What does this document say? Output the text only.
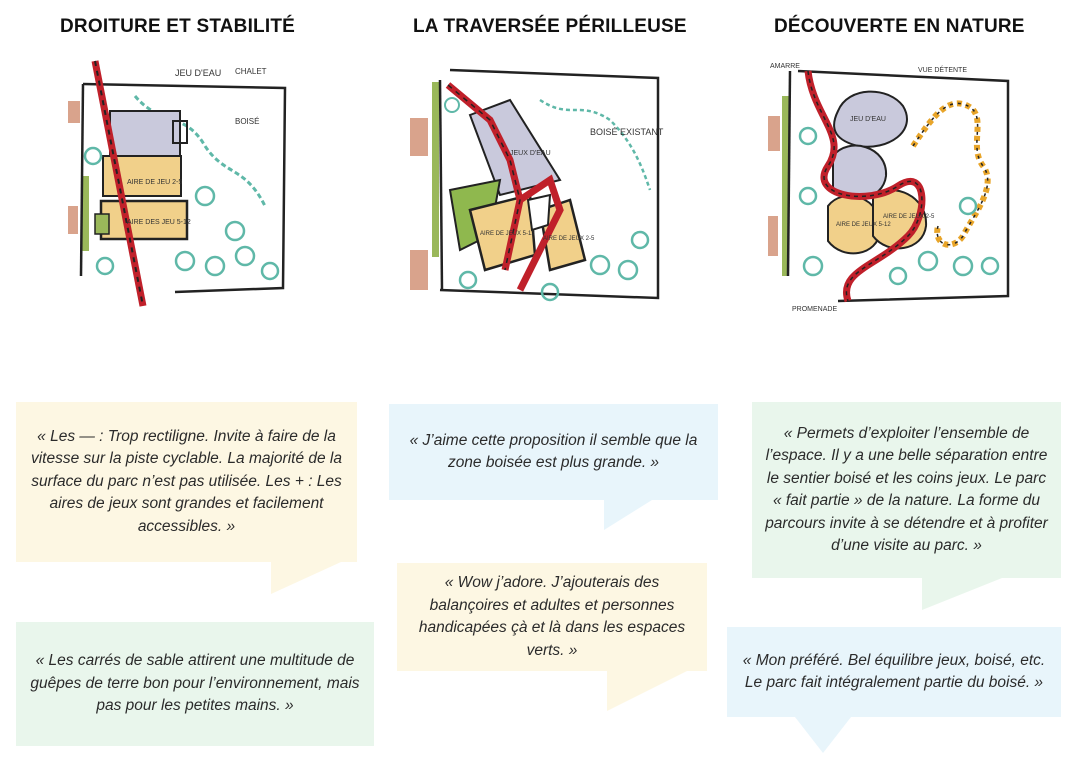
DROITURE ET STABILITÉ	LA TRAVERSÉE PÉRILLEUSE	DÉCOUVERTE EN NATURE
JEU D'EAU CHALET
BOISÉ
AIRE DE JEU 2-5
AIRE DES JEU 5-12
JEUX D'EAU
BOISÉ EXISTANT
AIRE DE JEUX 5-12
AIRE DE JEUX 2-5
AMARRE
VUE DÉTENTE
JEU D'EAU
AIRE DE JEUX 5-12
AIRE DE JEUX 2-5
PROMENADE
« Les — : Trop rectiligne. Invite à faire de la vitesse sur la piste cyclable. La majorité de la surface du parc n’est pas utilisée. Les + : Les aires de jeux sont grandes et facilement accessibles. »
« Les carrés de sable attirent une multitude de guêpes de terre bon pour l’environnement, mais pas pour les petites mains. »
« J’aime cette proposition il semble que la zone boisée est plus grande. »
« Wow j’adore. J’ajouterais des balançoires et adultes et personnes handicapées çà et là dans les espaces verts. »
« Permets d’exploiter l’ensemble de l’espace. Il y a une belle séparation entre le sentier boisé et les coins jeux. Le parc « fait partie » de la nature. La forme du parcours invite à se détendre et à profiter d’une visite au parc. »
« Mon préféré. Bel équilibre jeux, boisé, etc. Le parc fait intégralement partie du boisé. »
